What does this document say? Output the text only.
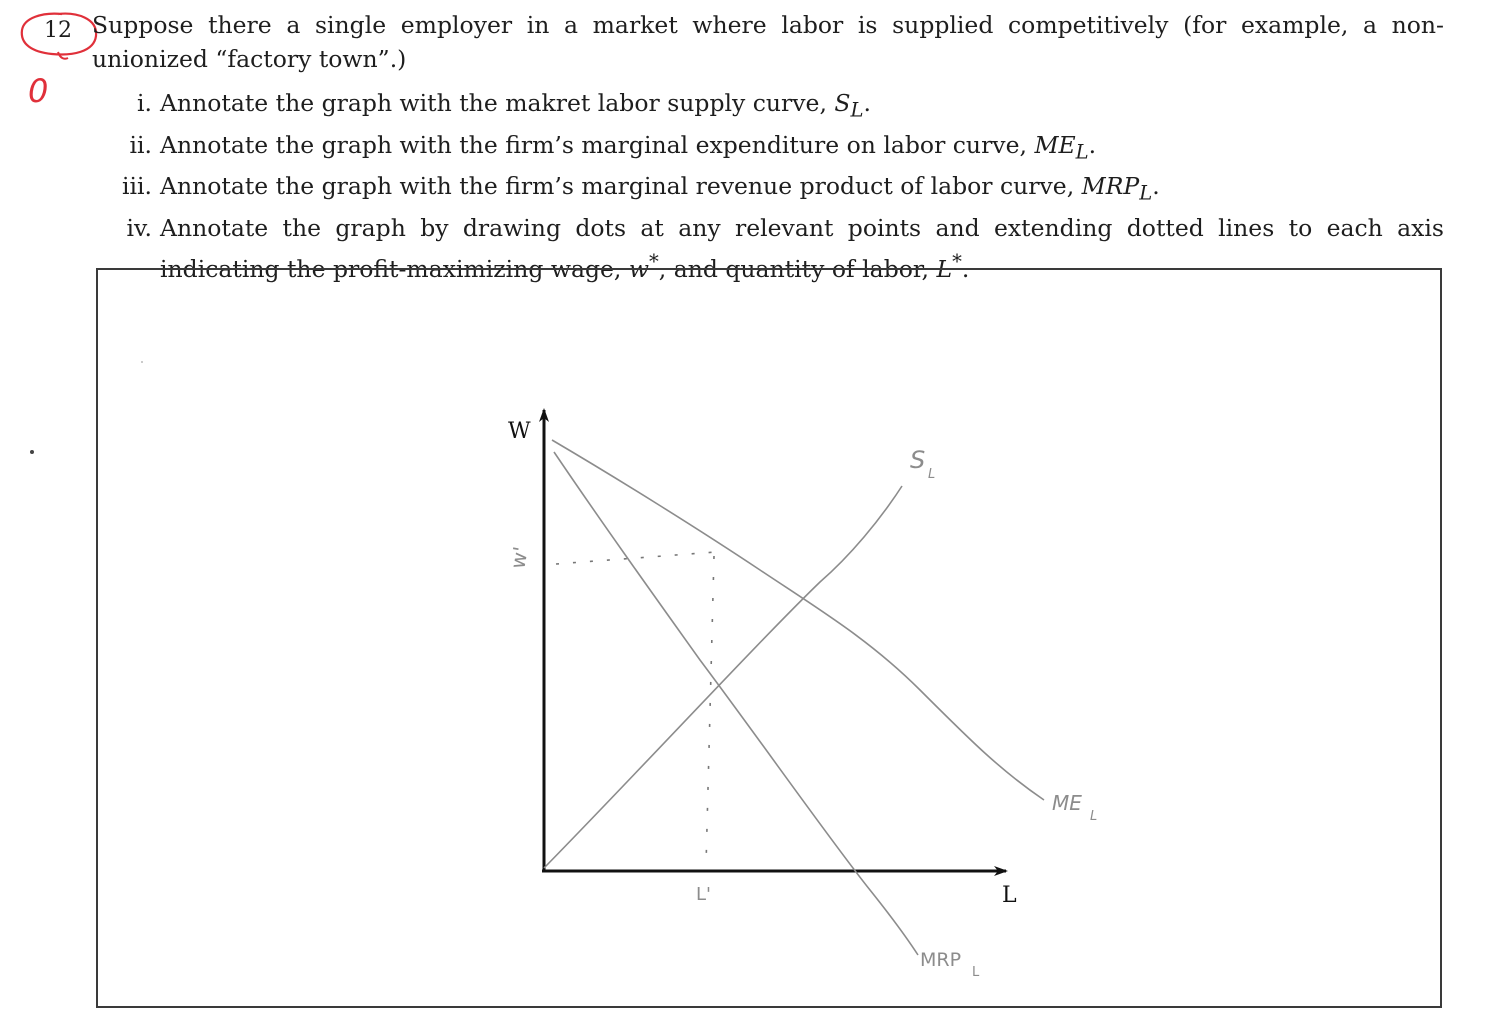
0
12 Suppose there a single employer in a market where labor is supplied competitively (for example, a non-unionized “factory town”.)
i. Annotate the graph with the makret labor supply curve, $S_L$.
ii. Annotate the graph with the firm’s marginal expenditure on labor curve, $ME_L$.
iii. Annotate the graph with the firm’s marginal revenue product of labor curve, $MRP_L$.
iv. Annotate the graph by drawing dots at any relevant points and extending dotted lines to each axis indicating the profit-maximizing wage, w*, and quantity of labor, L*.
W
L
S
L
ME
L
MRP
L
w'
L'
